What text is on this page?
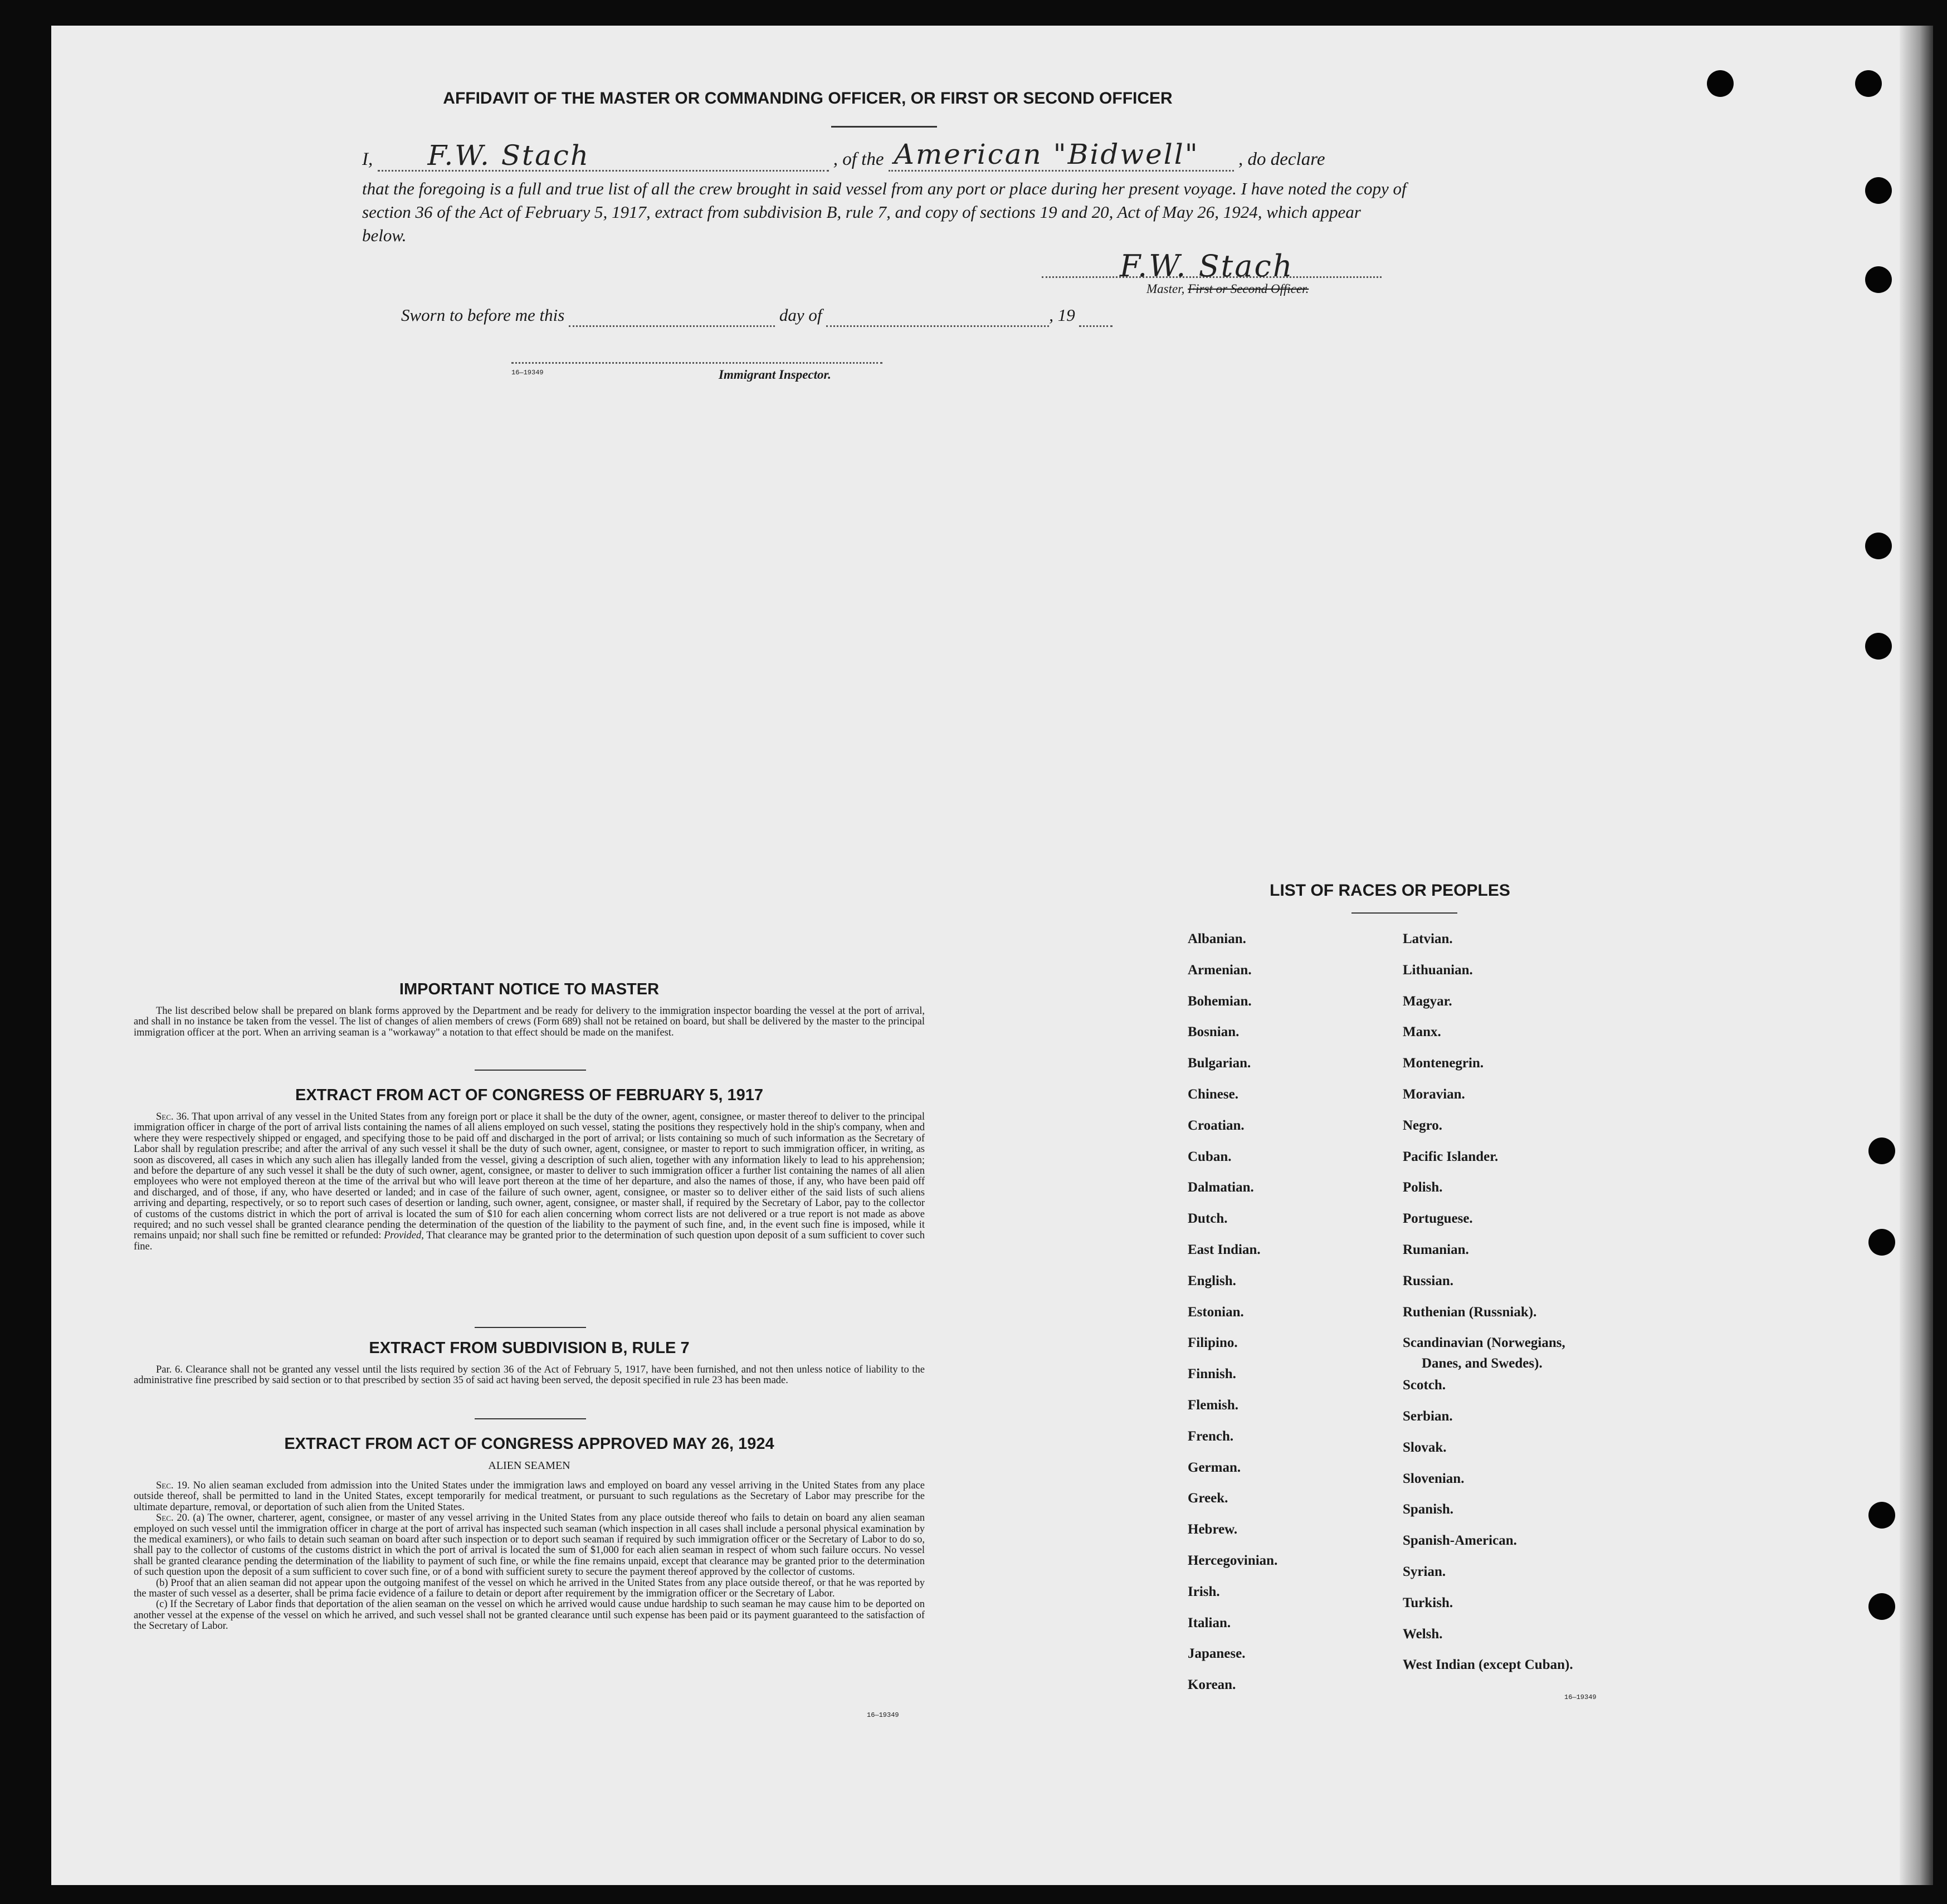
AFFIDAVIT OF THE MASTER OR COMMANDING OFFICER, OR FIRST OR SECOND OFFICER
I, F.W. Stach	, of the American "Bidwell" , do declare
that the foregoing is a full and true list of all the crew brought in said vessel from any port or place during her present voyage. I have noted the copy of section 36 of the Act of February 5, 1917, extract from subdivision B, rule 7, and copy of sections 19 and 20, Act of May 26, 1924, which appear below.
F.W. Stach
Master, First or Second Officer.
Sworn to before me this	day of	, 19
16—19349	Immigrant Inspector.
IMPORTANT NOTICE TO MASTER

The list described below shall be prepared on blank forms approved by the Department and be ready for delivery to the immigration inspector boarding the vessel at the port of arrival, and shall in no instance be taken from the vessel. The list of changes of alien members of crews (Form 689) shall not be retained on board, but shall be delivered by the master to the principal immigration officer at the port. When an arriving seaman is a "workaway" a notation to that effect should be made on the manifest.

EXTRACT FROM ACT OF CONGRESS OF FEBRUARY 5, 1917

Sec. 36. That upon arrival of any vessel in the United States from any foreign port or place it shall be the duty of the owner, agent, consignee, or master thereof to deliver to the principal immigration officer in charge of the port of arrival lists containing the names of all aliens employed on such vessel, stating the positions they respectively hold in the ship's company, when and where they were respectively shipped or engaged, and specifying those to be paid off and discharged in the port of arrival; or lists containing so much of such information as the Secretary of Labor shall by regulation prescribe; and after the arrival of any such vessel it shall be the duty of such owner, agent, consignee, or master to report to such immigration officer, in writing, as soon as discovered, all cases in which any such alien has illegally landed from the vessel, giving a description of such alien, together with any information likely to lead to his apprehension; and before the departure of any such vessel it shall be the duty of such owner, agent, consignee, or master to deliver to such immigration officer a further list containing the names of all alien employees who were not employed thereon at the time of the arrival but who will leave port thereon at the time of her departure, and also the names of those, if any, who have been paid off and discharged, and of those, if any, who have deserted or landed; and in case of the failure of such owner, agent, consignee, or master so to deliver either of the said lists of such aliens arriving and departing, respectively, or so to report such cases of desertion or landing, such owner, agent, consignee, or master shall, if required by the Secretary of Labor, pay to the collector of customs of the customs district in which the port of arrival is located the sum of $10 for each alien concerning whom correct lists are not delivered or a true report is not made as above required; and no such vessel shall be granted clearance pending the determination of the question of the liability to the payment of such fine, and, in the event such fine is imposed, while it remains unpaid; nor shall such fine be remitted or refunded: Provided, That clearance may be granted prior to the determination of such question upon deposit of a sum sufficient to cover such fine.

EXTRACT FROM SUBDIVISION B, RULE 7

Par. 6. Clearance shall not be granted any vessel until the lists required by section 36 of the Act of February 5, 1917, have been furnished, and not then unless notice of liability to the administrative fine prescribed by said section or to that prescribed by section 35 of said act having been served, the deposit specified in rule 23 has been made.

EXTRACT FROM ACT OF CONGRESS APPROVED MAY 26, 1924
ALIEN SEAMEN

Sec. 19. No alien seaman excluded from admission into the United States under the immigration laws and employed on board any vessel arriving in the United States from any place outside thereof, shall be permitted to land in the United States, except temporarily for medical treatment, or pursuant to such regulations as the Secretary of Labor may prescribe for the ultimate departure, removal, or deportation of such alien from the United States.

Sec. 20. (a) The owner, charterer, agent, consignee, or master of any vessel arriving in the United States from any place outside thereof who fails to detain on board any alien seaman employed on such vessel until the immigration officer in charge at the port of arrival has inspected such seaman (which inspection in all cases shall include a personal physical examination by the medical examiners), or who fails to detain such seaman on board after such inspection or to deport such seaman if required by such immigration officer or the Secretary of Labor to do so, shall pay to the collector of customs of the customs district in which the port of arrival is located the sum of $1,000 for each alien seaman in respect of whom such failure occurs. No vessel shall be granted clearance pending the determination of the liability to payment of such fine, or while the fine remains unpaid, except that clearance may be granted prior to the determination of such question upon the deposit of a sum sufficient to cover such fine, or of a bond with sufficient surety to secure the payment thereof approved by the collector of customs.

(b) Proof that an alien seaman did not appear upon the outgoing manifest of the vessel on which he arrived in the United States from any place outside thereof, or that he was reported by the master of such vessel as a deserter, shall be prima facie evidence of a failure to detain or deport after requirement by the immigration officer or the Secretary of Labor.

(c) If the Secretary of Labor finds that deportation of the alien seaman on the vessel on which he arrived would cause undue hardship to such seaman he may cause him to be deported on another vessel at the expense of the vessel on which he arrived, and such vessel shall not be granted clearance until such expense has been paid or its payment guaranteed to the satisfaction of the Secretary of Labor.

16—19349
LIST OF RACES OR PEOPLES
Albanian.
Armenian.
Bohemian.
Bosnian.
Bulgarian.
Chinese.
Croatian.
Cuban.
Dalmatian.
Dutch.
East Indian.
English.
Estonian.
Filipino.
Finnish.
Flemish.
French.
German.
Greek.
Hebrew.
Hercegovinian.
Irish.
Italian.
Japanese.
Korean.
Latvian.
Lithuanian.
Magyar.
Manx.
Montenegrin.
Moravian.
Negro.
Pacific Islander.
Polish.
Portuguese.
Rumanian.
Russian.
Ruthenian (Russniak).
Scandinavian (Norwegians,
Scotch.
Serbian.
Slovak.
Slovenian.
Spanish.
Spanish-American.
Syrian.
Turkish.
Welsh.
West Indian (except Cuban).
Danes, and Swedes).
16—19349
